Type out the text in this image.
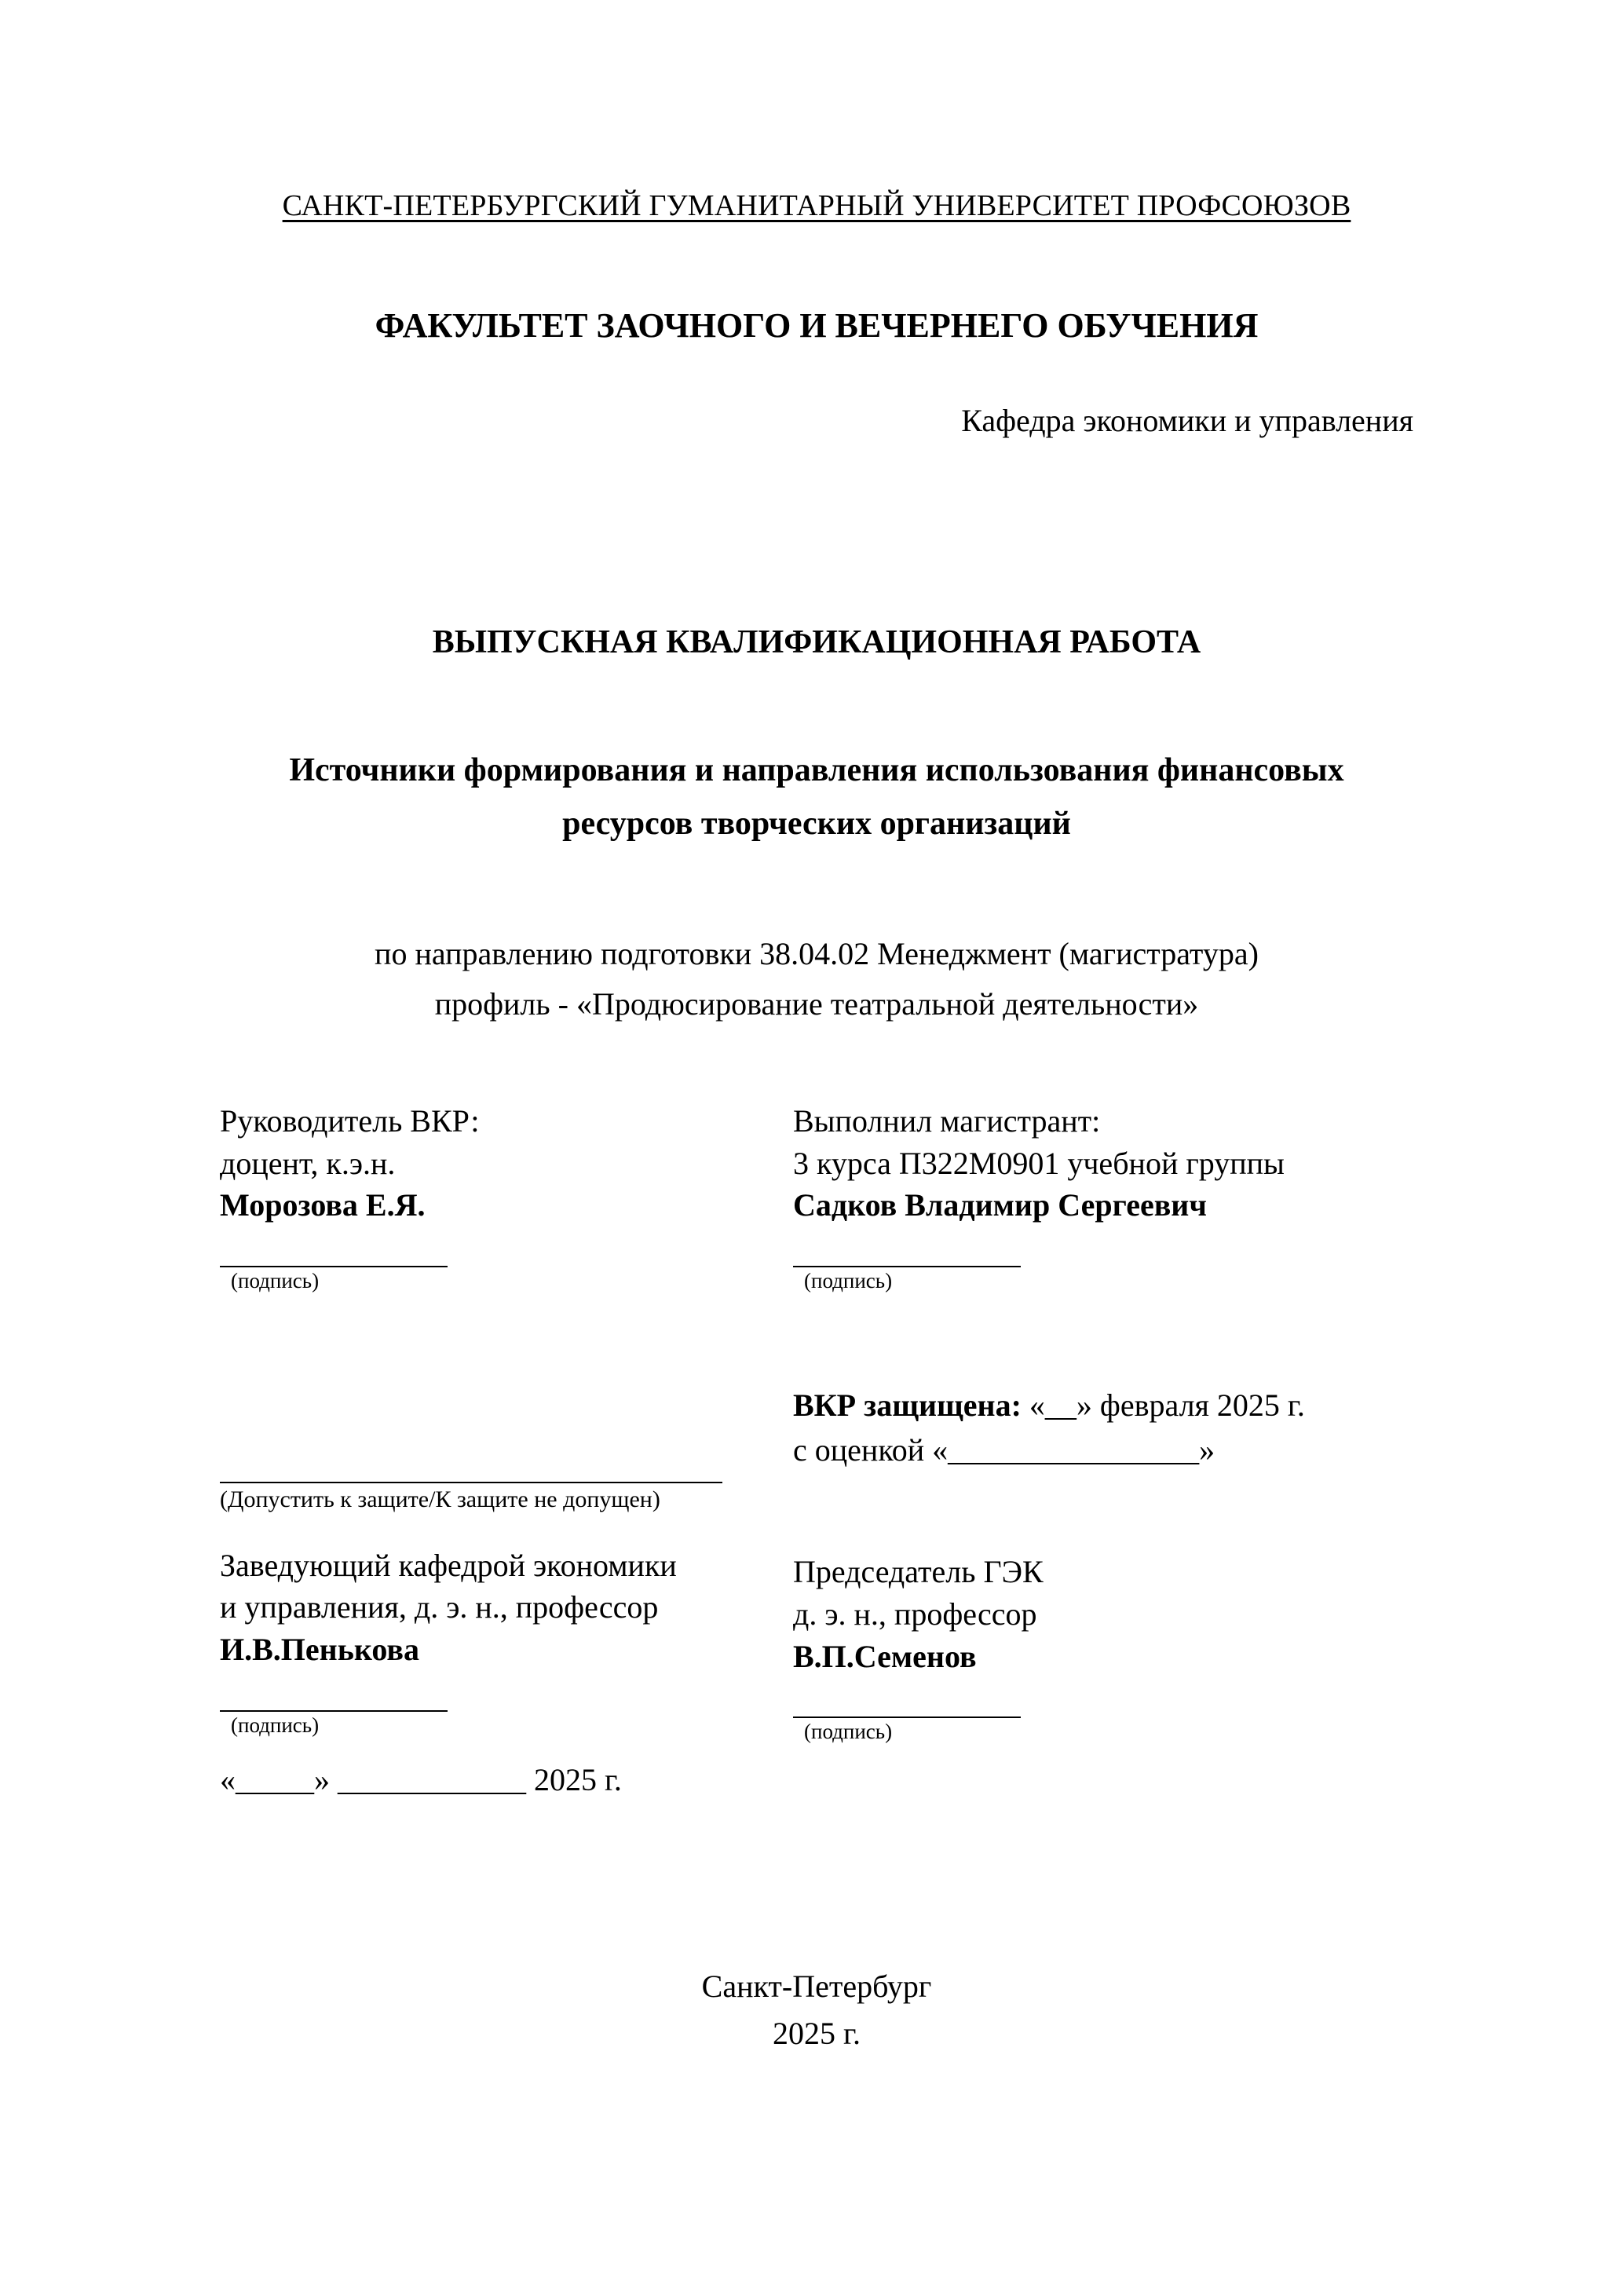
САНКТ-ПЕТЕРБУРГСКИЙ ГУМАНИТАРНЫЙ УНИВЕРСИТЕТ ПРОФСОЮЗОВ
ФАКУЛЬТЕТ ЗАОЧНОГО И ВЕЧЕРНЕГО ОБУЧЕНИЯ
Кафедра экономики и управления
ВЫПУСКНАЯ КВАЛИФИКАЦИОННАЯ РАБОТА
Источники формирования и направления использования финансовых
ресурсов творческих организаций
по направлению подготовки 38.04.02 Менеджмент (магистратура)
профиль - «Продюсирование театральной деятельности»
Руководитель ВКР:
доцент, к.э.н.
Морозова Е.Я.
(подпись)
(Допустить к защите/К защите не допущен)
Заведующий кафедрой экономики
и управления, д. э. н., профессор
И.В.Пенькова
(подпись)
«_____» ____________ 2025 г.
Выполнил магистрант:
3 курса П322М0901 учебной группы
Садков Владимир Сергеевич
(подпись)
ВКР защищена: «__» февраля 2025 г.
с оценкой «________________»
Председатель ГЭК
д. э. н., профессор
В.П.Семенов
(подпись)
Санкт-Петербург
2025 г.
